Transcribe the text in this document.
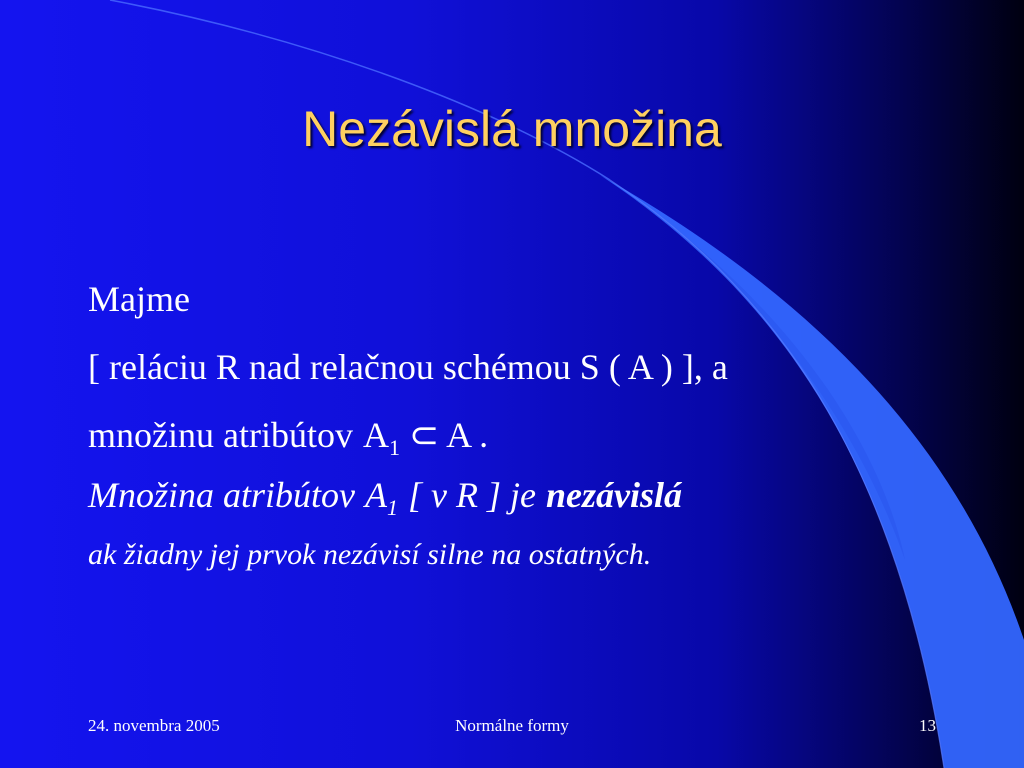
Nezávislá množina
Majme
[ reláciu R nad relačnou schémou S ( A ) ], a
množinu atribútov $A_1$ ⊂ A .
Množina atribútov $A_1$ [ v R ] je nezávislá
ak žiadny jej prvok nezávisí silne na ostatných.
24. novembra 2005	Normálne formy	13
